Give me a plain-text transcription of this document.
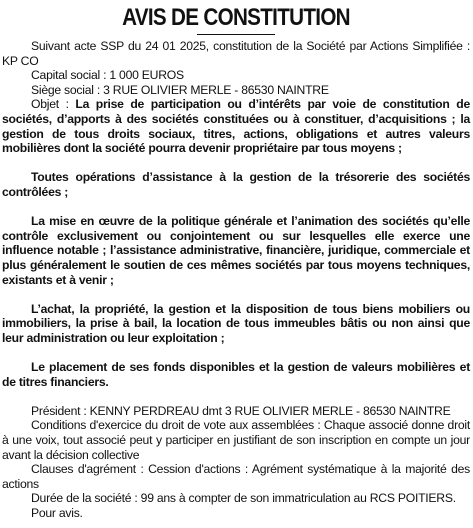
AVIS DE CONSTITUTION

Suivant acte SSP du 24 01 2025, constitution de la Société par Actions Simplifiée : KP CO

Capital social : 1 000 EUROS

Siège social : 3 RUE OLIVIER MERLE - 86530 NAINTRE

Objet : La prise de participation ou d’intérêts par voie de constitution de sociétés, d’apports à des sociétés constituées ou à constituer, d’acquisitions ; la gestion de tous droits sociaux, titres, actions, obligations et autres valeurs mobilières dont la société pourra devenir propriétaire par tous moyens ;

Toutes opérations d’assistance à la gestion de la trésorerie des sociétés contrôlées ;

La mise en œuvre de la politique générale et l’animation des sociétés qu’elle contrôle exclusivement ou conjointement ou sur lesquelles elle exerce une influence notable ; l’assistance administrative, financière, juridique, commerciale et plus généralement le soutien de ces mêmes sociétés par tous moyens techniques, existants et à venir ;

L’achat, la propriété, la gestion et la disposition de tous biens mobiliers ou immobiliers, la prise à bail, la location de tous immeubles bâtis ou non ainsi que leur administration ou leur exploitation ;

Le placement de ses fonds disponibles et la gestion de valeurs mobilières et de titres financiers.

Président : KENNY PERDREAU dmt 3 RUE OLIVIER MERLE - 86530 NAINTRE

Conditions d'exercice du droit de vote aux assemblées : Chaque associé donne droit à une voix, tout associé peut y participer en justifiant de son inscription en compte un jour avant la décision collective

Clauses d'agrément : Cession d'actions : Agrément systématique à la majorité des actions

Durée de la société : 99 ans à compter de son immatriculation au RCS POITIERS.

Pour avis.
